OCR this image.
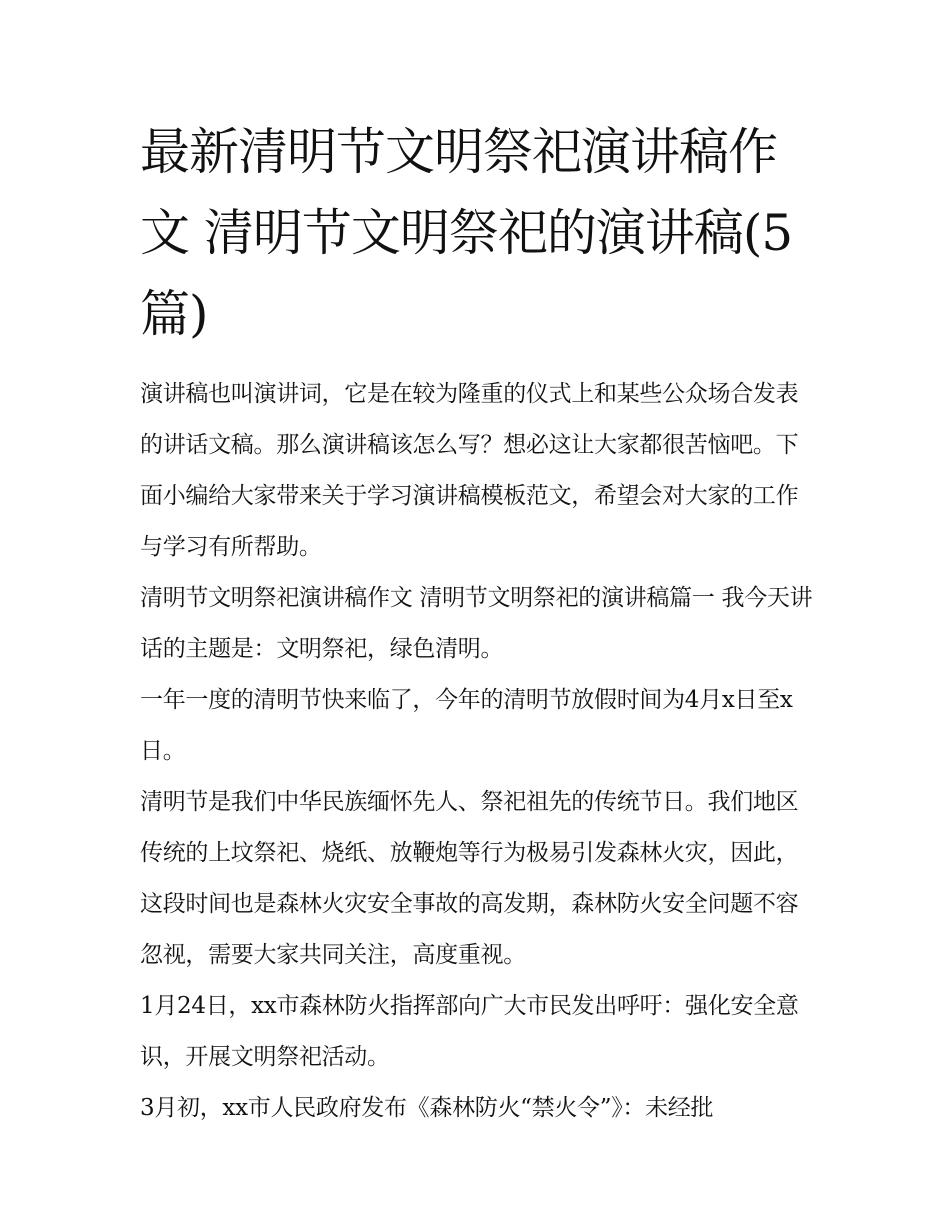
最新清明节文明祭祀演讲稿作文 清明节文明祭祀的演讲稿(5篇)

演讲稿也叫演讲词，它是在较为隆重的仪式上和某些公众场合发表的讲话文稿。那么演讲稿该怎么写？想必这让大家都很苦恼吧。下面小编给大家带来关于学习演讲稿模板范文，希望会对大家的工作与学习有所帮助。

清明节文明祭祀演讲稿作文 清明节文明祭祀的演讲稿篇一 我今天讲话的主题是：文明祭祀，绿色清明。

一年一度的清明节快来临了，今年的清明节放假时间为4月x日至x日。

清明节是我们中华民族缅怀先人、祭祀祖先的传统节日。我们地区传统的上坟祭祀、烧纸、放鞭炮等行为极易引发森林火灾，因此，这段时间也是森林火灾安全事故的高发期，森林防火安全问题不容忽视，需要大家共同关注，高度重视。

1月24日，xx市森林防火指挥部向广大市民发出呼吁：强化安全意识，开展文明祭祀活动。

3月初，xx市人民政府发布《森林防火“禁火令”》：未经批
